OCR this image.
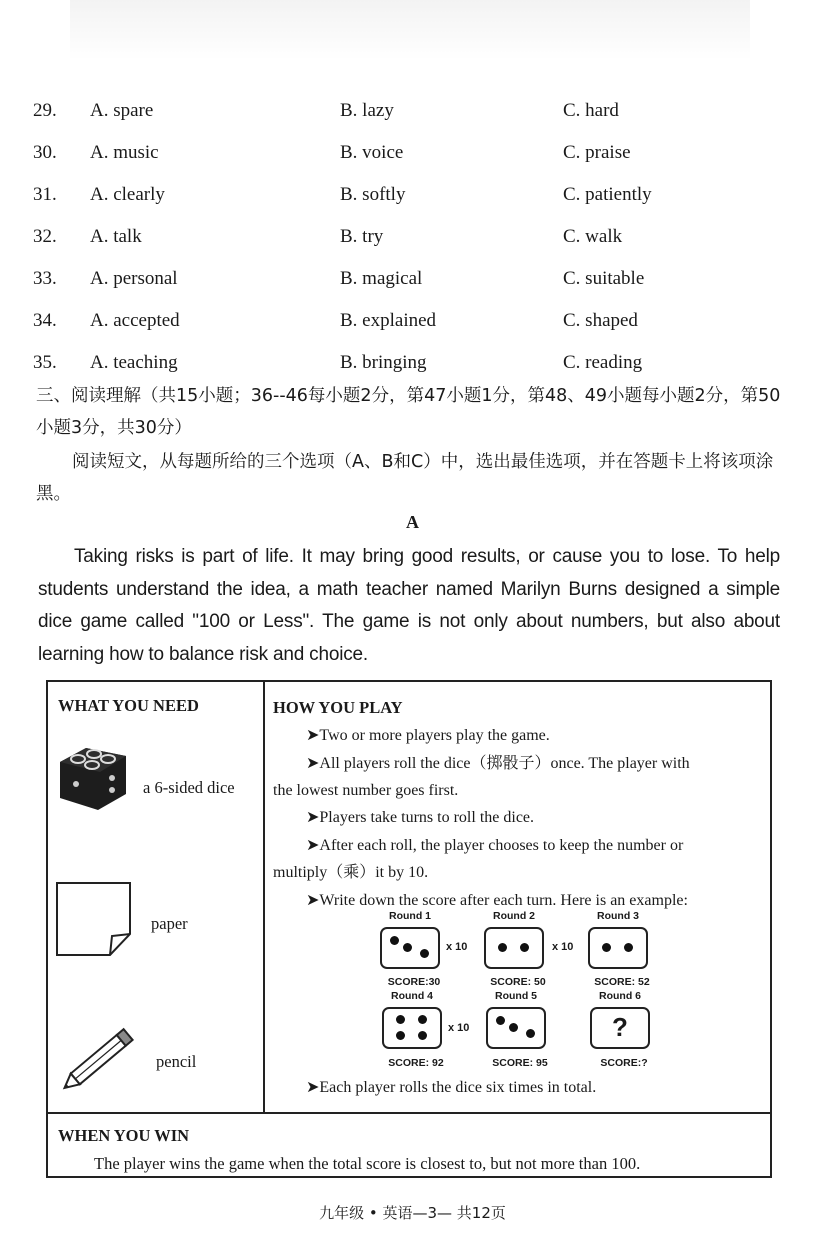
29. A. spare	B. lazy	C. hard
30. A. music	B. voice	C. praise
31. A. clearly	B. softly	C. patiently
32. A. talk	B. try	C. walk
33. A. personal	B. magical	C. suitable
34. A. accepted	B. explained	C. shaped
35. A. teaching	B. bringing	C. reading
三、阅读理解（共15小题；36--46每小题2分，第47小题1分，第48、49小题每小题2分，第50小题3分，共30分）
阅读短文，从每题所给的三个选项（A、B和C）中，选出最佳选项，并在答题卡上将该项涂黑。
A
Taking risks is part of life. It may bring good results, or cause you to lose. To help students understand the idea, a math teacher named Marilyn Burns designed a simple dice game called "100 or Less". The game is not only about numbers, but also about learning how to balance risk and choice.
WHAT YOU NEED
a 6-sided dice
paper
pencil
HOW YOU PLAY
➤Two or more players play the game.
➤All players roll the dice（掷骰子）once. The player with
the lowest number goes first.
➤Players take turns to roll the dice.
➤After each roll, the player chooses to keep the number or
multiply（乘）it by 10.
➤Write down the score after each turn. Here is an example:
Round 1
x 10
SCORE:30
Round 2
x 10
SCORE: 50
Round 3
SCORE: 52
Round 4
x 10
SCORE: 92
Round 5
SCORE: 95
Round 6
?
SCORE:?
➤Each player rolls the dice six times in total.
WHEN YOU WIN
The player wins the game when the total score is closest to, but not more than 100.
九年级 • 英语—3— 共12页
